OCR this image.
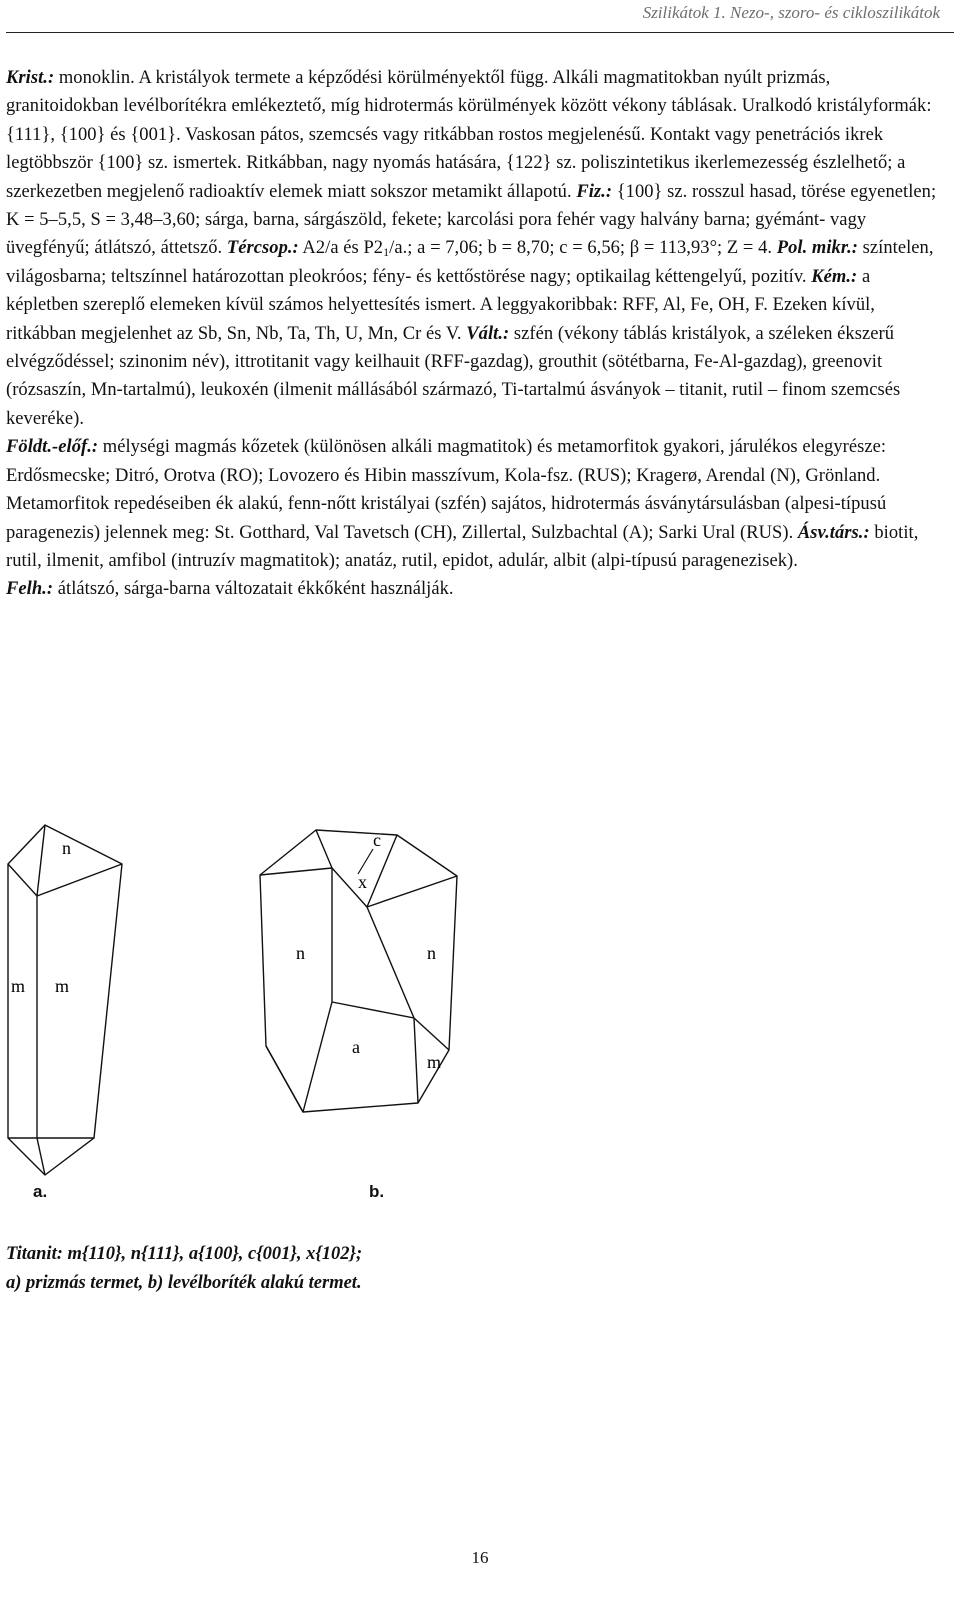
Szilikátok 1. Nezo-, szoro- és cikloszilikátok

Krist.: monoklin. A kristályok termete a képződési körülményektől függ. Alkáli magmatitokban nyúlt prizmás, granitoidokban levélborítékra emlékeztető, míg hidrotermás körülmények között vékony táblásak. Uralkodó kristályformák: {111}, {100} és {001}. Vaskosan pátos, szemcsés vagy ritkábban rostos megjelenésű. Kontakt vagy penetrációs ikrek legtöbbször {100} sz. ismertek. Ritkábban, nagy nyomás hatására, {122} sz. poliszintetikus ikerlemezesség észlelhető; a szerkezetben megjelenő radioaktív elemek miatt sokszor metamikt állapotú. Fiz.: {100} sz. rosszul hasad, törése egyenetlen; K = 5–5,5, S = 3,48–3,60; sárga, barna, sárgászöld, fekete; karcolási pora fehér vagy halvány barna; gyémánt- vagy üvegfényű; átlátszó, áttetsző. Tércsop.: A2/a és $P2_1/a$.; a = 7,06; b = 8,70; c = 6,56; β = 113,93°; Z = 4. Pol. mikr.: színtelen, világosbarna; teltszínnel határozottan pleokróos; fény- és kettőstörése nagy; optikailag kéttengelyű, pozitív. Kém.: a képletben szereplő elemeken kívül számos helyettesítés ismert. A leggyakoribbak: RFF, Al, Fe, OH, F. Ezeken kívül, ritkábban megjelenhet az Sb, Sn, Nb, Ta, Th, U, Mn, Cr és V. Vált.: szfén (vékony táblás kristályok, a széleken ékszerű elvégződéssel; szinonim név), ittrotitanit vagy keilhauit (RFF-gazdag), grouthit (sötétbarna, Fe-Al-gazdag), greenovit (rózsaszín, Mn-tartalmú), leukoxén (ilmenit mállásából származó, Ti-tartalmú ásványok – titanit, rutil – finom szemcsés keveréke).

Földt.-előf.: mélységi magmás kőzetek (különösen alkáli magmatitok) és metamorfitok gyakori, járulékos elegyrésze: Erdősmecske; Ditró, Orotva (RO); Lovozero és Hibin masszívum, Kola-fsz. (RUS); Kragerø, Arendal (N), Grönland. Metamorfitok repedéseiben ék alakú, fenn-nőtt kristályai (szfén) sajátos, hidrotermás ásványtársulásban (alpesi-típusú paragenezis) jelennek meg: St. Gotthard, Val Tavetsch (CH), Zillertal, Sulzbachtal (A); Sarki Ural (RUS). Ásv.társ.: biotit, rutil, ilmenit, amfibol (intruzív magmatitok); anatáz, rutil, epidot, adulár, albit (alpi-típusú paragenezisek).

Felh.: átlátszó, sárga-barna változatait ékkőként használják.

n
m m
c
x
n	n
a
m
a.	b.
Titanit: m{110}, n{111}, a{100}, c{001}, x{102};
a) prizmás termet, b) levélboríték alakú termet.
16
